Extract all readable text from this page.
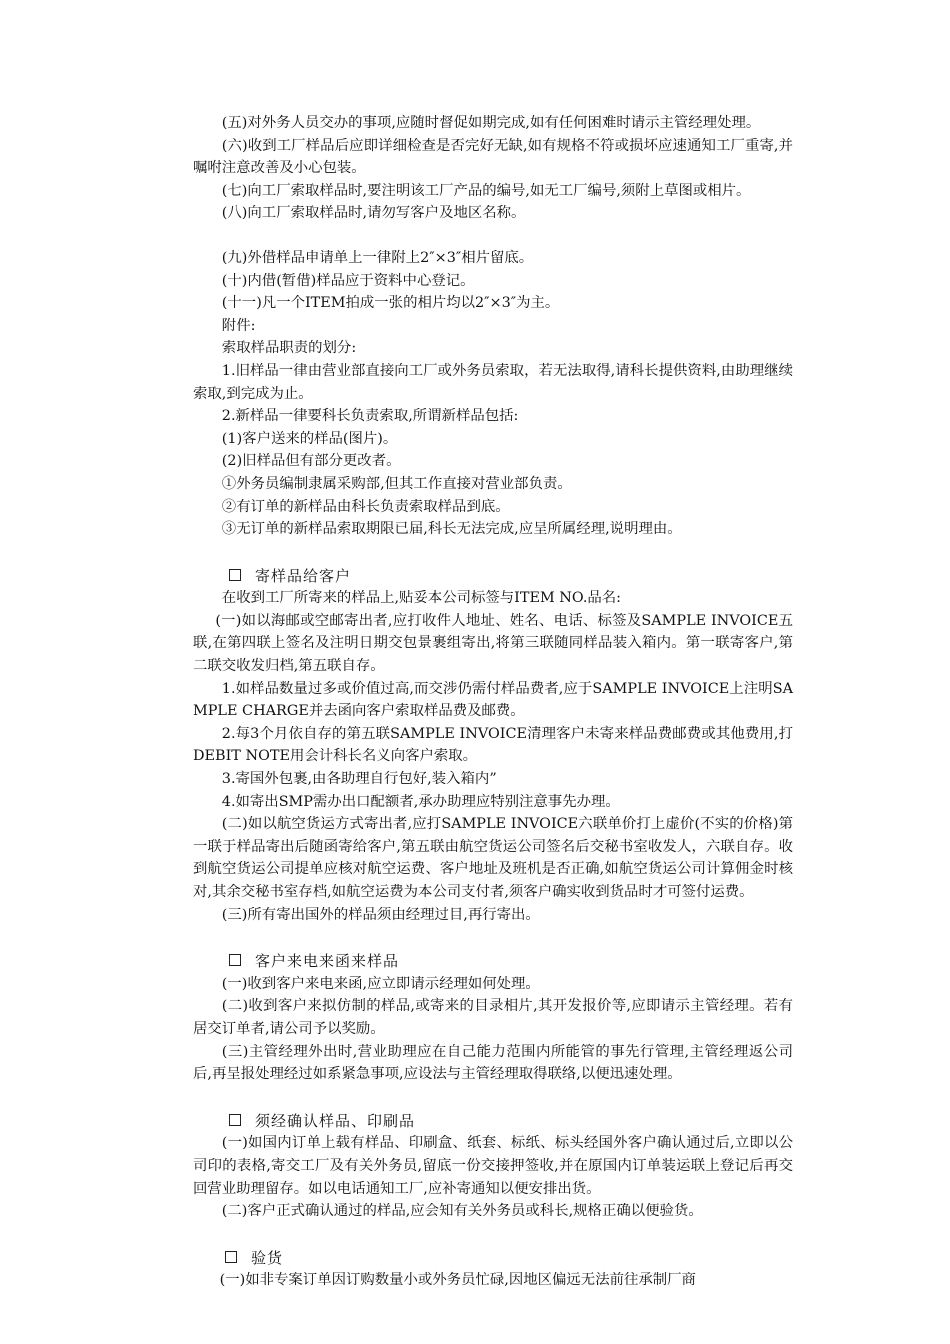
(五)对外务人员交办的事项,应随时督促如期完成,如有任何困难时请示主管经理处理。

(六)收到工厂样品后应即详细检查是否完好无缺,如有规格不符或损坏应速通知工厂重寄,并嘱咐注意改善及小心包装。

(七)向工厂索取样品时,要注明该工厂产品的编号,如无工厂编号,须附上草图或相片。

(八)向工厂索取样品时,请勿写客户及地区名称。

(九)外借样品申请单上一律附上2″×3″相片留底。

(十)内借(暂借)样品应于资料中心登记。

(十一)凡一个ITEM拍成一张的相片均以2″×3″为主。

附件:

索取样品职责的划分:

1.旧样品一律由营业部直接向工厂或外务员索取，若无法取得,请科长提供资料,由助理继续索取,到完成为止。

2.新样品一律要科长负责索取,所谓新样品包括:

(1)客户送来的样品(图片)。

(2)旧样品但有部分更改者。

①外务员编制隶属采购部,但其工作直接对营业部负责。

②有订单的新样品由科长负责索取样品到底。

③无订单的新样品索取期限已届,科长无法完成,应呈所属经理,说明理由。

寄样品给客户

在收到工厂所寄来的样品上,贴妥本公司标签与ITEM NO.品名:

(一)如以海邮或空邮寄出者,应打收件人地址、姓名、电话、标签及SAMPLE INVOICE五联,在第四联上签名及注明日期交包景裹组寄出,将第三联随同样品装入箱内。第一联寄客户,第二联交收发归档,第五联自存。

1.如样品数量过多或价值过高,而交涉仍需付样品费者,应于SAMPLE INVOICE上注明SAMPLE CHARGE并去函向客户索取样品费及邮费。

2.每3个月依自存的第五联SAMPLE INVOICE清理客户未寄来样品费邮费或其他费用,打DEBIT NOTE用会计科长名义向客户索取。

3.寄国外包裹,由各助理自行包好,装入箱内”

4.如寄出SMP需办出口配额者,承办助理应特别注意事先办理。

(二)如以航空货运方式寄出者,应打SAMPLE INVOICE六联单价打上虚价(不实的价格)第一联于样品寄出后随函寄给客户,第五联由航空货运公司签名后交秘书室收发人，六联自存。收到航空货运公司提单应核对航空运费、客户地址及班机是否正确,如航空货运公司计算佣金时核对,其余交秘书室存档,如航空运费为本公司支付者,须客户确实收到货品时才可签付运费。

(三)所有寄出国外的样品须由经理过目,再行寄出。

客户来电来函来样品

(一)收到客户来电来函,应立即请示经理如何处理。

(二)收到客户来拟仿制的样品,或寄来的目录相片,其开发报价等,应即请示主管经理。若有居交订单者,请公司予以奖励。

(三)主管经理外出时,营业助理应在自己能力范围内所能管的事先行管理,主管经理返公司后,再呈报处理经过如系紧急事项,应设法与主管经理取得联络,以便迅速处理。

须经确认样品、印刷品

(一)如国内订单上载有样品、印刷盒、纸套、标纸、标头经国外客户确认通过后,立即以公司印的表格,寄交工厂及有关外务员,留底一份交接押签收,并在原国内订单装运联上登记后再交回营业助理留存。如以电话通知工厂,应补寄通知以便安排出货。

(二)客户正式确认通过的样品,应会知有关外务员或科长,规格正确以便验货。

验货

(一)如非专案订单因订购数量小或外务员忙碌,因地区偏远无法前往承制厂商
